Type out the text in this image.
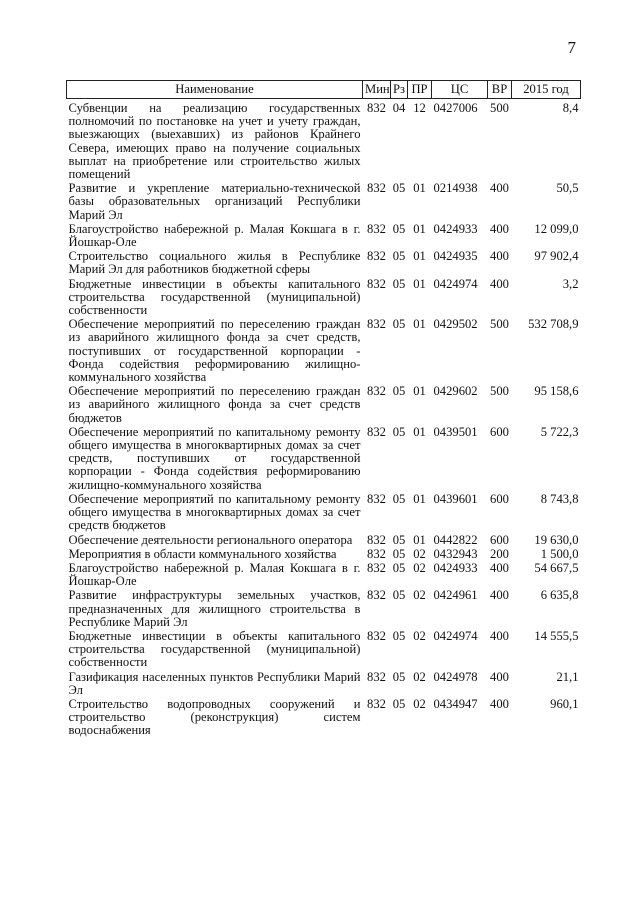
7
Наименование	Мин	Рз	ПР	ЦС	ВР	2015 год
Субвенции на реализацию государственных полномочий по постановке на учет и учету граждан, выезжающих (выехавших) из районов Крайнего Севера, имеющих право на получение социальных выплат на приобретение или строительство жилых помещений	832	04	12	0427006	500	8,4
Развитие и укрепление материально-технической базы образовательных организаций Республики Марий Эл	832	05	01	0214938	400	50,5
Благоустройство набережной р. Малая Кокшага в г. Йошкар-Оле	832	05	01	0424933	400	12 099,0
Строительство социального жилья в Республике Марий Эл для работников бюджетной сферы	832	05	01	0424935	400	97 902,4
Бюджетные инвестиции в объекты капитального строительства государственной (муниципальной) собственности	832	05	01	0424974	400	3,2
Обеспечение мероприятий по переселению граждан из аварийного жилищного фонда за счет средств, поступивших от государственной корпорации - Фонда содействия реформированию жилищно-коммунального хозяйства	832	05	01	0429502	500	532 708,9
Обеспечение мероприятий по переселению граждан из аварийного жилищного фонда за счет средств бюджетов	832	05	01	0429602	500	95 158,6
Обеспечение мероприятий по капитальному ремонту общего имущества в многоквартирных домах за счет средств, поступивших от государственной корпорации - Фонда содействия реформированию жилищно-коммунального хозяйства	832	05	01	0439501	600	5 722,3
Обеспечение мероприятий по капитальному ремонту общего имущества в многоквартирных домах за счет средств бюджетов	832	05	01	0439601	600	8 743,8
Обеспечение деятельности регионального оператора	832	05	01	0442822	600	19 630,0
Мероприятия в области коммунального хозяйства	832	05	02	0432943	200	1 500,0
Благоустройство набережной р. Малая Кокшага в г. Йошкар-Оле	832	05	02	0424933	400	54 667,5
Развитие инфраструктуры земельных участков, предназначенных для жилищного строительства в Республике Марий Эл	832	05	02	0424961	400	6 635,8
Бюджетные инвестиции в объекты капитального строительства государственной (муниципальной) собственности	832	05	02	0424974	400	14 555,5
Газификация населенных пунктов Республики Марий Эл	832	05	02	0424978	400	21,1
Строительство водопроводных сооружений и строительство (реконструкция) систем водоснабжения	832	05	02	0434947	400	960,1
